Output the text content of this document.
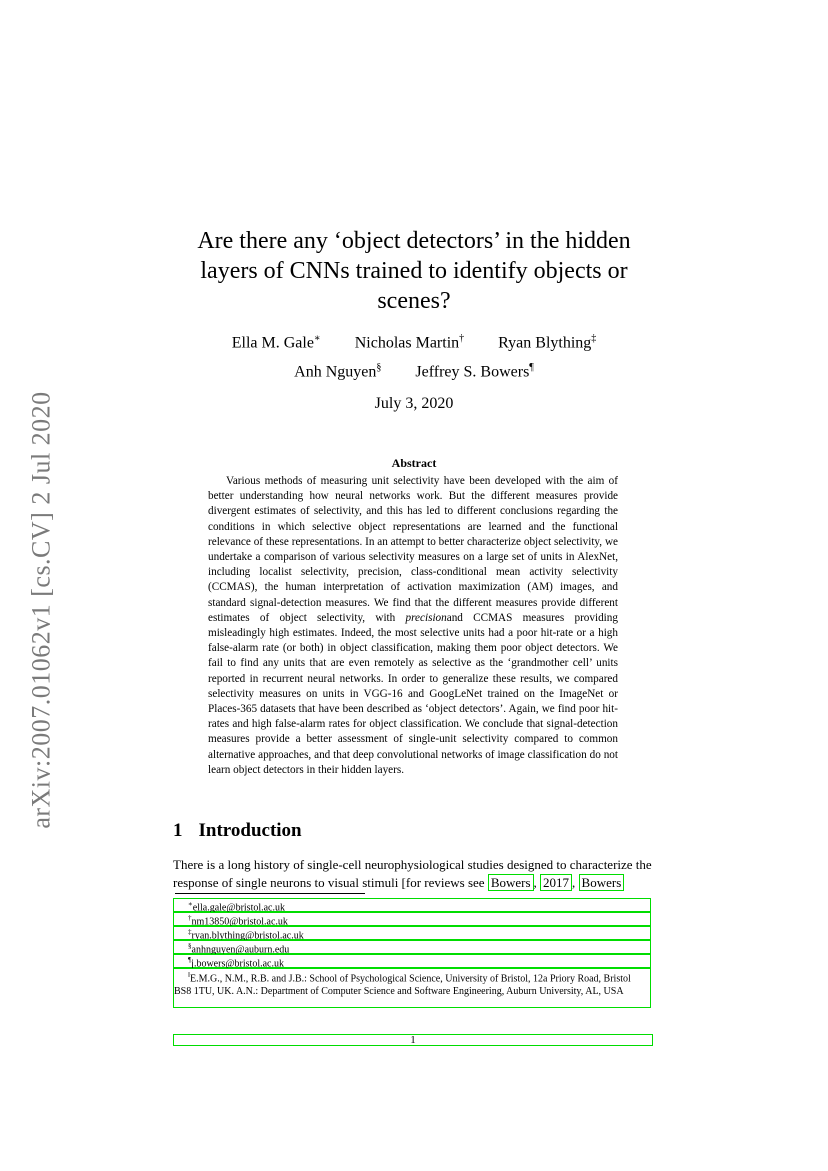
arXiv:2007.01062v1 [cs.CV] 2 Jul 2020
Are there any ‘object detectors’ in the hidden
layers of CNNs trained to identify objects or
scenes?
Ella M. Gale∗ Nicholas Martin† Ryan Blything‡
Anh Nguyen§ Jeffrey S. Bowers¶
July 3, 2020
Abstract

Various methods of measuring unit selectivity have been developed with the aim of better understanding how neural networks work. But the different measures provide divergent estimates of selectivity, and this has led to different conclusions regarding the conditions in which selective object representations are learned and the functional relevance of these representations. In an attempt to better characterize object selectivity, we undertake a comparison of various selectivity measures on a large set of units in AlexNet, including localist selectivity, precision, class-conditional mean activity selectivity (CCMAS), the human interpretation of activation maximization (AM) images, and standard signal-detection measures. We find that the different measures provide different estimates of object selectivity, with precisionand CCMAS measures providing misleadingly high estimates. Indeed, the most selective units had a poor hit-rate or a high false-alarm rate (or both) in object classification, making them poor object detectors. We fail to find any units that are even remotely as selective as the ‘grandmother cell’ units reported in recurrent neural networks. In order to generalize these results, we compared selectivity measures on units in VGG-16 and GoogLeNet trained on the ImageNet or Places-365 datasets that have been described as ‘object detectors’. Again, we find poor hit-rates and high false-alarm rates for object classification. We conclude that signal-detection measures provide a better assessment of single-unit selectivity compared to common alternative approaches, and that deep convolutional networks of image classification do not learn object detectors in their hidden layers.

1 Introduction

There is a long history of single-cell neurophysiological studies designed to characterize the response of single neurons to visual stimuli [for reviews see Bowers , 2017 , Bowers

∗ella.gale@bristol.ac.uk
†nm13850@bristol.ac.uk
‡ryan.blything@bristol.ac.uk
§anhnguyen@auburn.edu
¶j.bowers@bristol.ac.uk
‖E.M.G., N.M., R.B. and J.B.: School of Psychological Science, University of Bristol, 12a Priory Road, Bristol BS8 1TU, UK. A.N.: Department of Computer Science and Software Engineering, Auburn University, AL, USA
1
